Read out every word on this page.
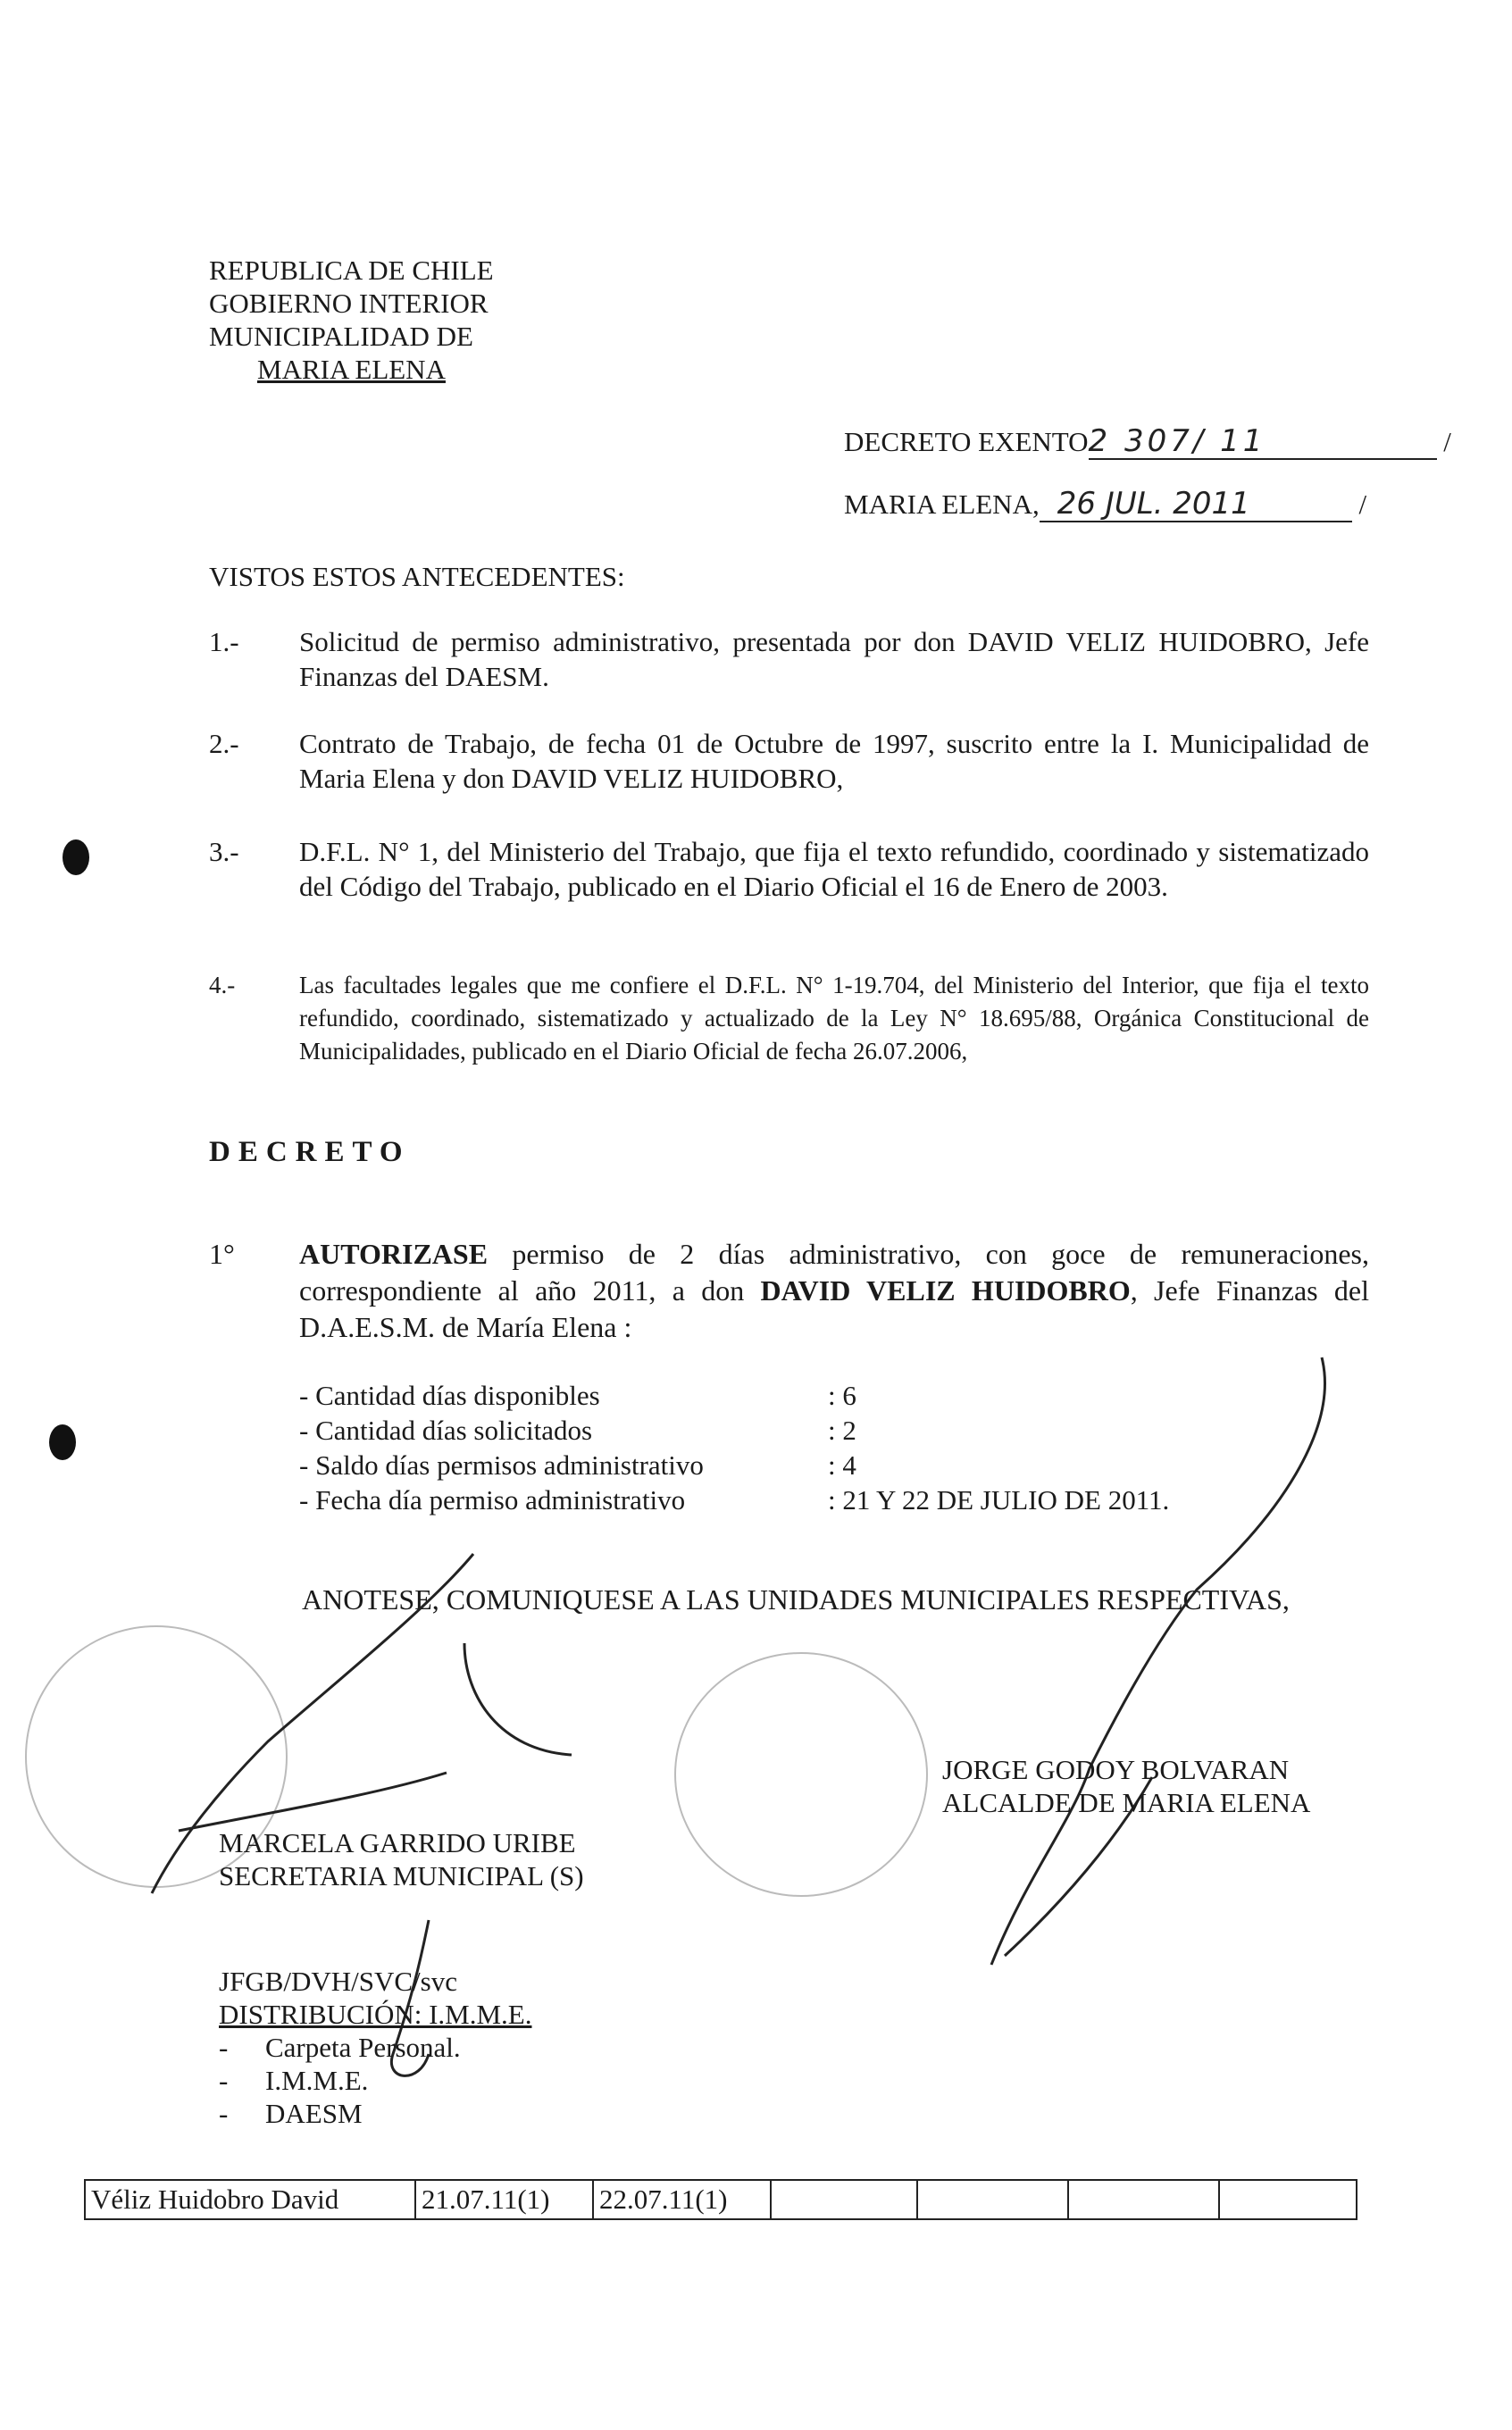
REPUBLICA DE CHILE
GOBIERNO INTERIOR
MUNICIPALIDAD DE
MARIA ELENA
DECRETO EXENTO2 307/ 11	/
MARIA ELENA, 26 JUL. 2011	/
VISTOS ESTOS ANTECEDENTES:
1.- Solicitud de permiso administrativo, presentada por don DAVID VELIZ HUIDOBRO, Jefe Finanzas del DAESM.
2.- Contrato de Trabajo, de fecha 01 de Octubre de 1997, suscrito entre la I. Municipalidad de Maria Elena y don DAVID VELIZ HUIDOBRO,
3.- D.F.L. N° 1, del Ministerio del Trabajo, que fija el texto refundido, coordinado y sistematizado del Código del Trabajo, publicado en el Diario Oficial el 16 de Enero de 2003.
4.-	Las facultades legales que me confiere el D.F.L. N° 1-19.704, del Ministerio del Interior, que fija el texto refundido, coordinado, sistematizado y actualizado de la Ley N° 18.695/88, Orgánica Constitucional de Municipalidades, publicado en el Diario Oficial de fecha 26.07.2006,
DECRETO
1° AUTORIZASE permiso de 2 días administrativo, con goce de remuneraciones, correspondiente al año 2011, a don DAVID VELIZ HUIDOBRO, Jefe Finanzas del D.A.E.S.M. de María Elena :
- Cantidad días disponibles	: 6
- Cantidad días solicitados	: 2
- Saldo días permisos administrativo	: 4
- Fecha día permiso administrativo	: 21 Y 22 DE JULIO DE 2011.
ANOTESE, COMUNIQUESE A LAS UNIDADES MUNICIPALES RESPECTIVAS,
MARCELA GARRIDO URIBE
SECRETARIA MUNICIPAL (S)
JORGE GODOY BOLVARAN
ALCALDE DE MARIA ELENA
JFGB/DVH/SVC/svc
DISTRIBUCIÓN: I.M.M.E.
- Carpeta Personal.
- I.M.M.E.
- DAESM
Véliz Huidobro David	21.07.11(1)	22.07.11(1)				
